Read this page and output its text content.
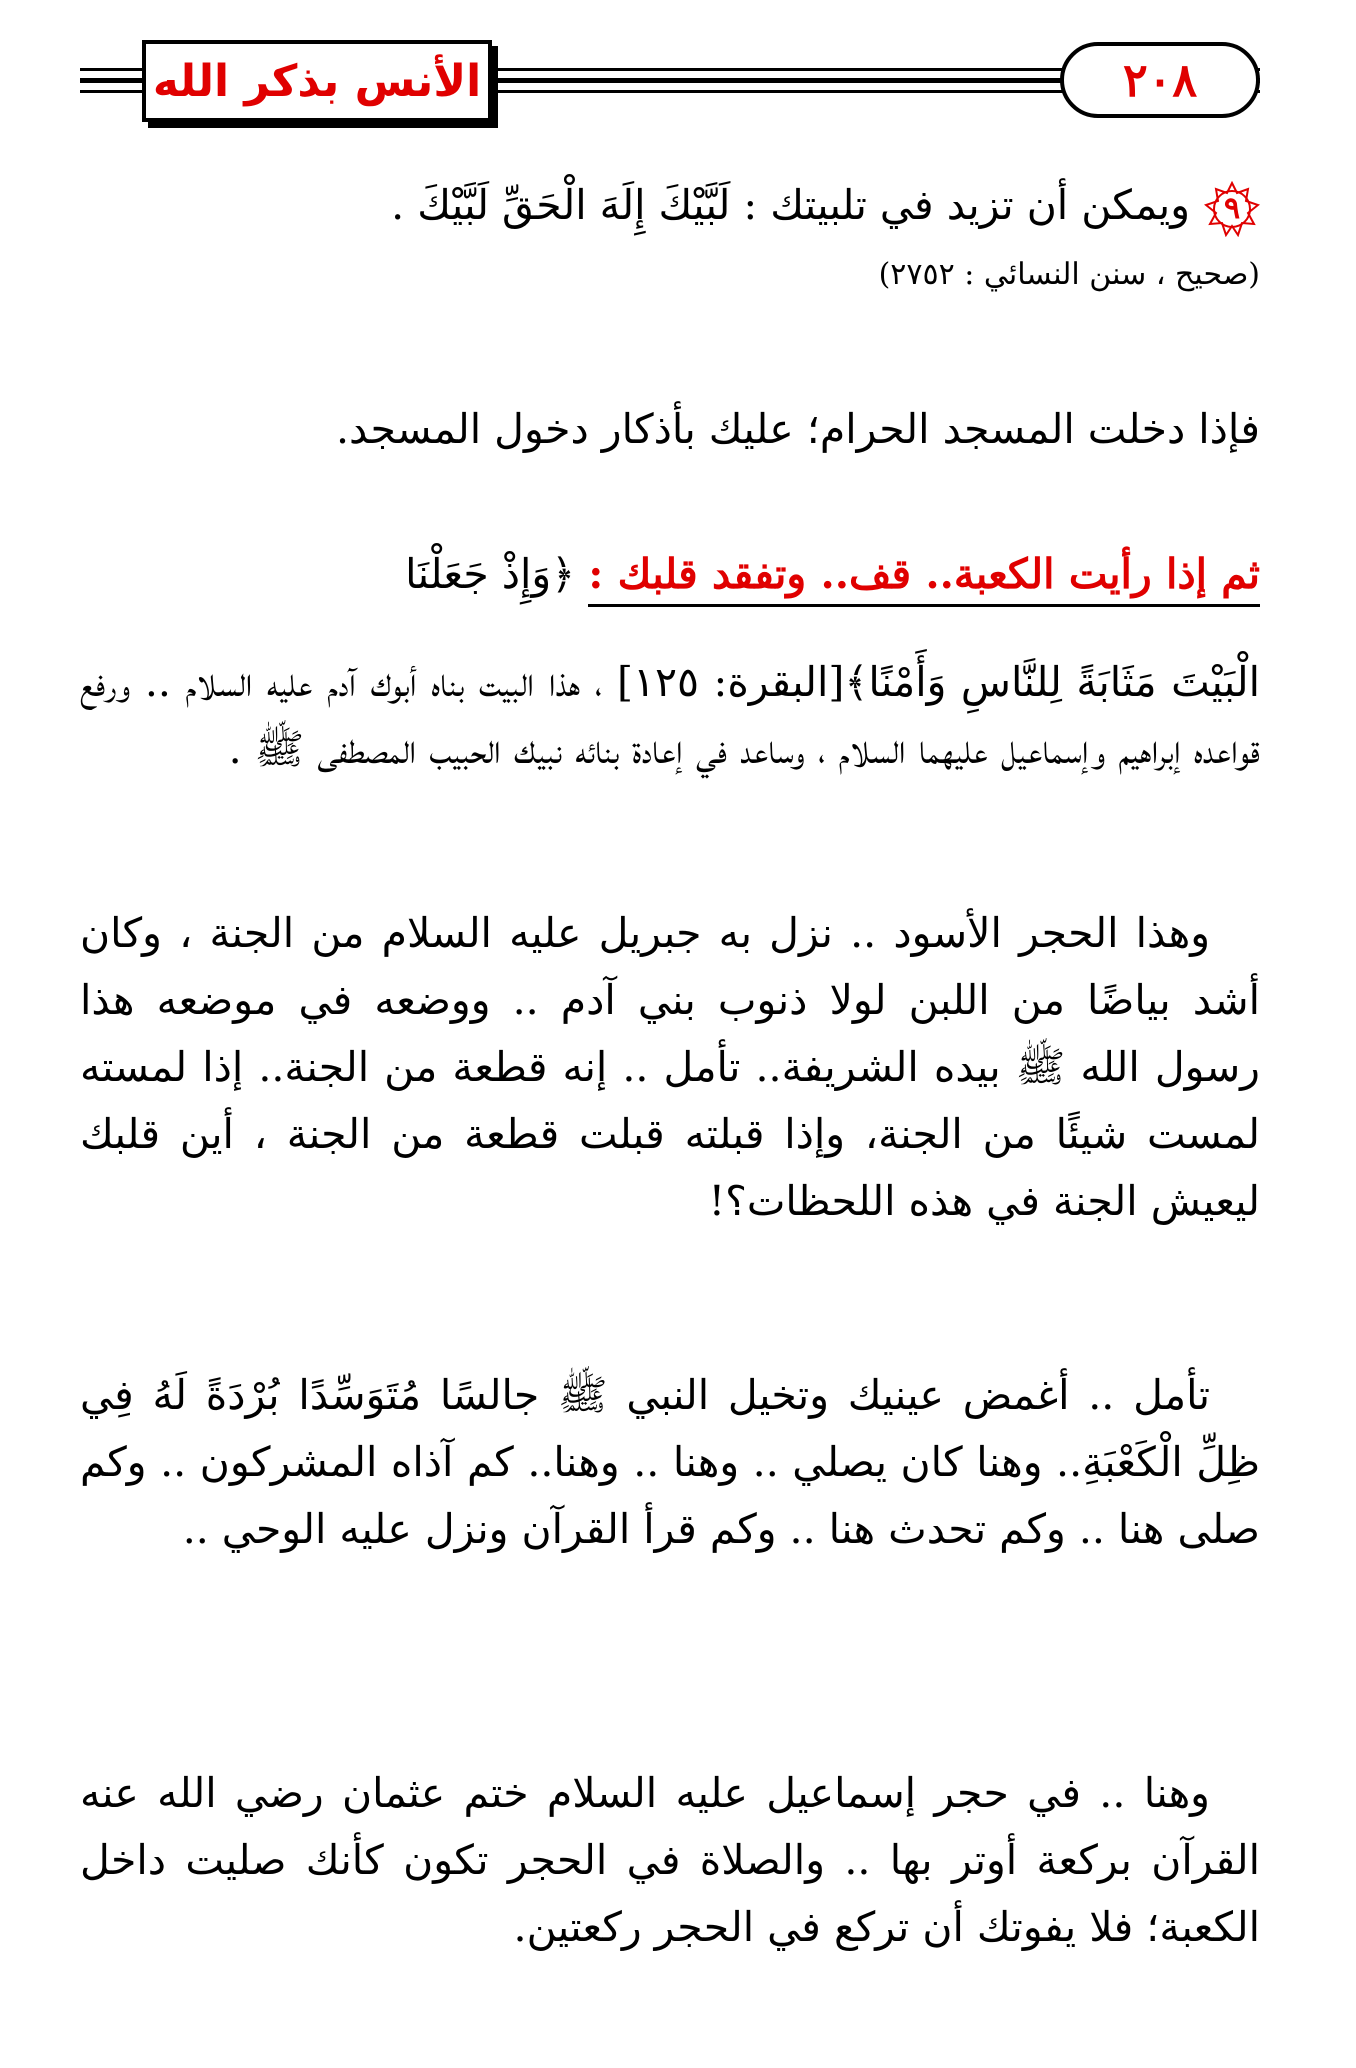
الأنس بذكر الله	٢٠٨

٩
ويمكن أن تزيد في تلبيتك : لَبَّيْكَ إِلَهَ الْحَقِّ لَبَّيْكَ .

(صحيح ، سنن النسائي : ٢٧٥٢)

فإذا دخلت المسجد الحرام؛ عليك بأذكار دخول المسجد.

ثم إذا رأيت الكعبة.. قف.. وتفقد قلبك : ﴿وَإِذْ جَعَلْنَا

الْبَيْتَ مَثَابَةً لِلنَّاسِ وَأَمْنًا﴾[البقرة: ١٢٥] ، هذا البيت بناه أبوك آدم عليه السلام .. ورفع قواعده إبراهيم وإسماعيل عليهما السلام ، وساعد في إعادة بنائه نبيك الحبيب المصطفى ﷺ .

وهذا الحجر الأسود .. نزل به جبريل عليه السلام من الجنة ، وكان أشد بياضًا من اللبن لولا ذنوب بني آدم .. ووضعه في موضعه هذا رسول الله ﷺ بيده الشريفة.. تأمل .. إنه قطعة من الجنة.. إذا لمسته لمست شيئًا من الجنة، وإذا قبلته قبلت قطعة من الجنة ، أين قلبك ليعيش الجنة في هذه اللحظات؟!

تأمل .. أغمض عينيك وتخيل النبي ﷺ جالسًا مُتَوَسِّدًا بُرْدَةً لَهُ فِي ظِلِّ الْكَعْبَةِ.. وهنا كان يصلي .. وهنا .. وهنا.. كم آذاه المشركون .. وكم صلى هنا .. وكم تحدث هنا .. وكم قرأ القرآن ونزل عليه الوحي ..

وهنا .. في حجر إسماعيل عليه السلام ختم عثمان رضي الله عنه القرآن بركعة أوتر بها .. والصلاة في الحجر تكون كأنك صليت داخل الكعبة؛ فلا يفوتك أن تركع في الحجر ركعتين.
